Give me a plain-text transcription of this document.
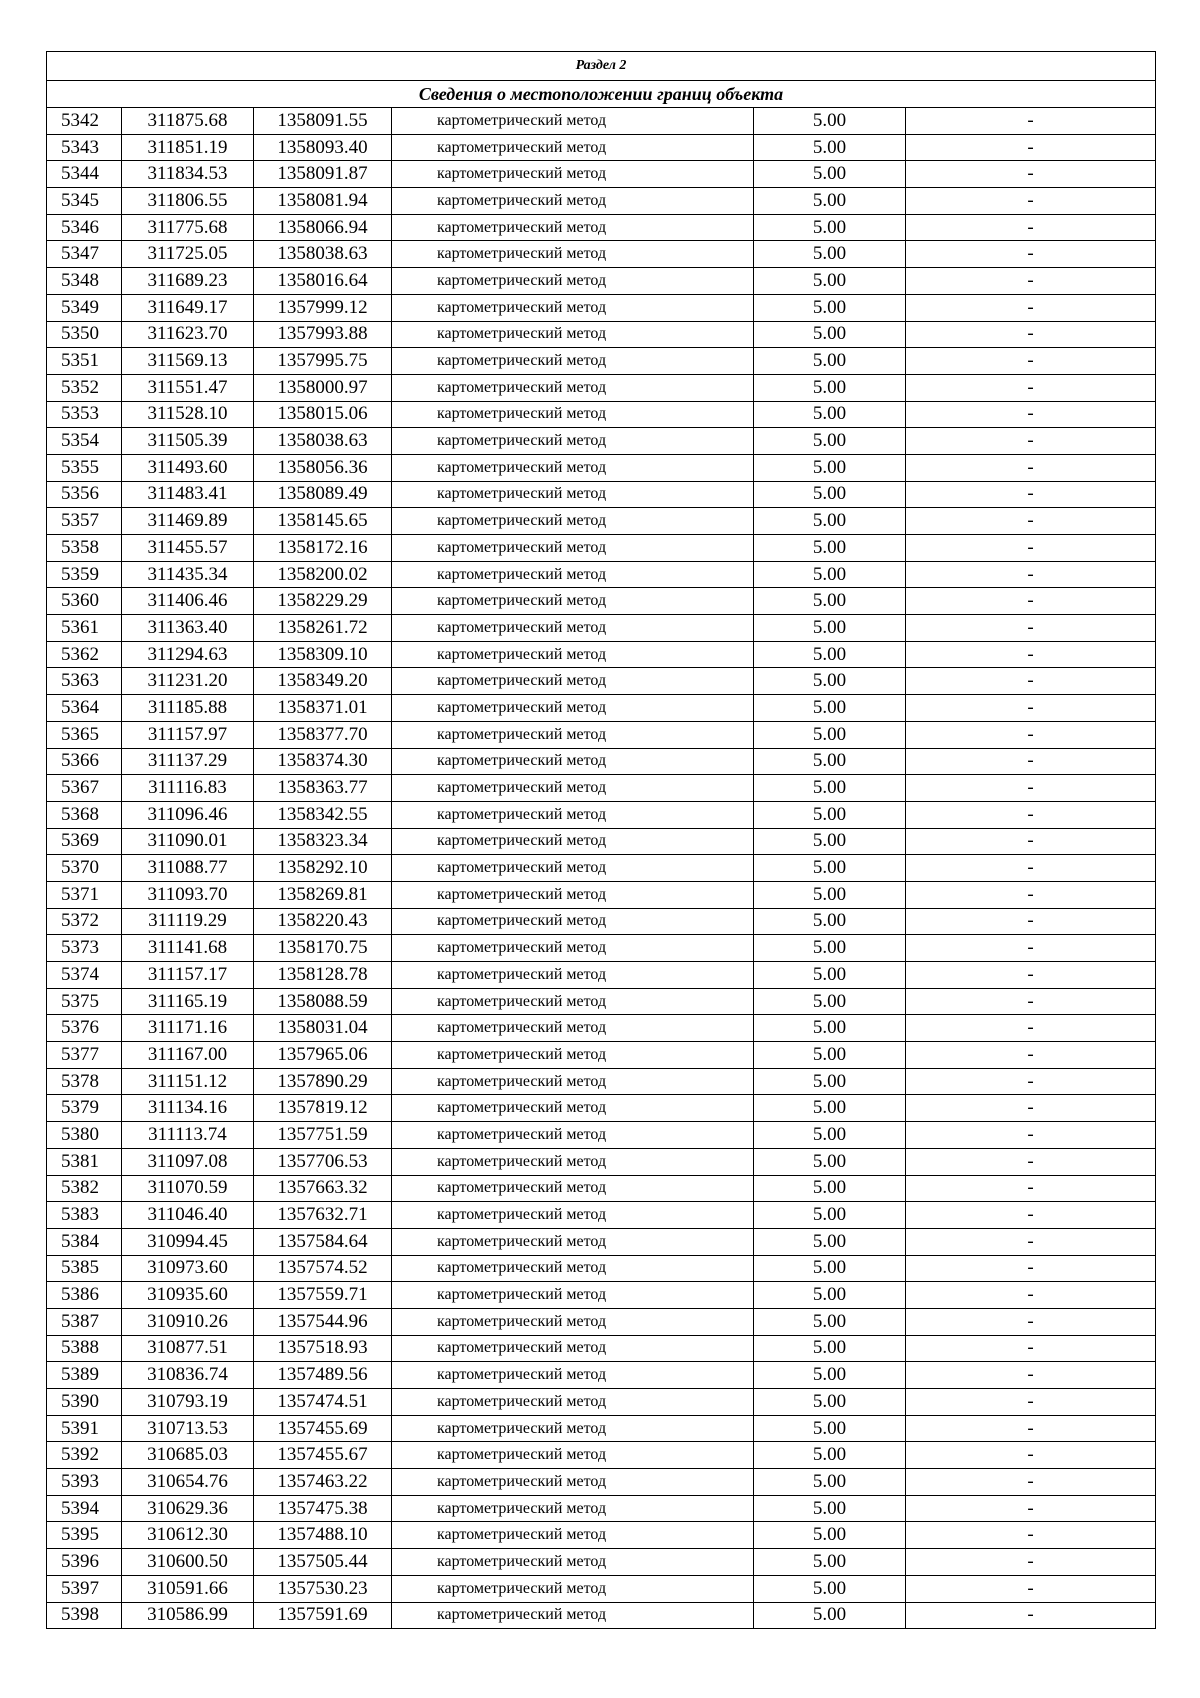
Раздел 2					
Сведения о местоположении границ объекта					
5342	311875.68	1358091.55	картометрический метод	5.00	-
5343	311851.19	1358093.40	картометрический метод	5.00	-
5344	311834.53	1358091.87	картометрический метод	5.00	-
5345	311806.55	1358081.94	картометрический метод	5.00	-
5346	311775.68	1358066.94	картометрический метод	5.00	-
5347	311725.05	1358038.63	картометрический метод	5.00	-
5348	311689.23	1358016.64	картометрический метод	5.00	-
5349	311649.17	1357999.12	картометрический метод	5.00	-
5350	311623.70	1357993.88	картометрический метод	5.00	-
5351	311569.13	1357995.75	картометрический метод	5.00	-
5352	311551.47	1358000.97	картометрический метод	5.00	-
5353	311528.10	1358015.06	картометрический метод	5.00	-
5354	311505.39	1358038.63	картометрический метод	5.00	-
5355	311493.60	1358056.36	картометрический метод	5.00	-
5356	311483.41	1358089.49	картометрический метод	5.00	-
5357	311469.89	1358145.65	картометрический метод	5.00	-
5358	311455.57	1358172.16	картометрический метод	5.00	-
5359	311435.34	1358200.02	картометрический метод	5.00	-
5360	311406.46	1358229.29	картометрический метод	5.00	-
5361	311363.40	1358261.72	картометрический метод	5.00	-
5362	311294.63	1358309.10	картометрический метод	5.00	-
5363	311231.20	1358349.20	картометрический метод	5.00	-
5364	311185.88	1358371.01	картометрический метод	5.00	-
5365	311157.97	1358377.70	картометрический метод	5.00	-
5366	311137.29	1358374.30	картометрический метод	5.00	-
5367	311116.83	1358363.77	картометрический метод	5.00	-
5368	311096.46	1358342.55	картометрический метод	5.00	-
5369	311090.01	1358323.34	картометрический метод	5.00	-
5370	311088.77	1358292.10	картометрический метод	5.00	-
5371	311093.70	1358269.81	картометрический метод	5.00	-
5372	311119.29	1358220.43	картометрический метод	5.00	-
5373	311141.68	1358170.75	картометрический метод	5.00	-
5374	311157.17	1358128.78	картометрический метод	5.00	-
5375	311165.19	1358088.59	картометрический метод	5.00	-
5376	311171.16	1358031.04	картометрический метод	5.00	-
5377	311167.00	1357965.06	картометрический метод	5.00	-
5378	311151.12	1357890.29	картометрический метод	5.00	-
5379	311134.16	1357819.12	картометрический метод	5.00	-
5380	311113.74	1357751.59	картометрический метод	5.00	-
5381	311097.08	1357706.53	картометрический метод	5.00	-
5382	311070.59	1357663.32	картометрический метод	5.00	-
5383	311046.40	1357632.71	картометрический метод	5.00	-
5384	310994.45	1357584.64	картометрический метод	5.00	-
5385	310973.60	1357574.52	картометрический метод	5.00	-
5386	310935.60	1357559.71	картометрический метод	5.00	-
5387	310910.26	1357544.96	картометрический метод	5.00	-
5388	310877.51	1357518.93	картометрический метод	5.00	-
5389	310836.74	1357489.56	картометрический метод	5.00	-
5390	310793.19	1357474.51	картометрический метод	5.00	-
5391	310713.53	1357455.69	картометрический метод	5.00	-
5392	310685.03	1357455.67	картометрический метод	5.00	-
5393	310654.76	1357463.22	картометрический метод	5.00	-
5394	310629.36	1357475.38	картометрический метод	5.00	-
5395	310612.30	1357488.10	картометрический метод	5.00	-
5396	310600.50	1357505.44	картометрический метод	5.00	-
5397	310591.66	1357530.23	картометрический метод	5.00	-
5398	310586.99	1357591.69	картометрический метод	5.00	-
